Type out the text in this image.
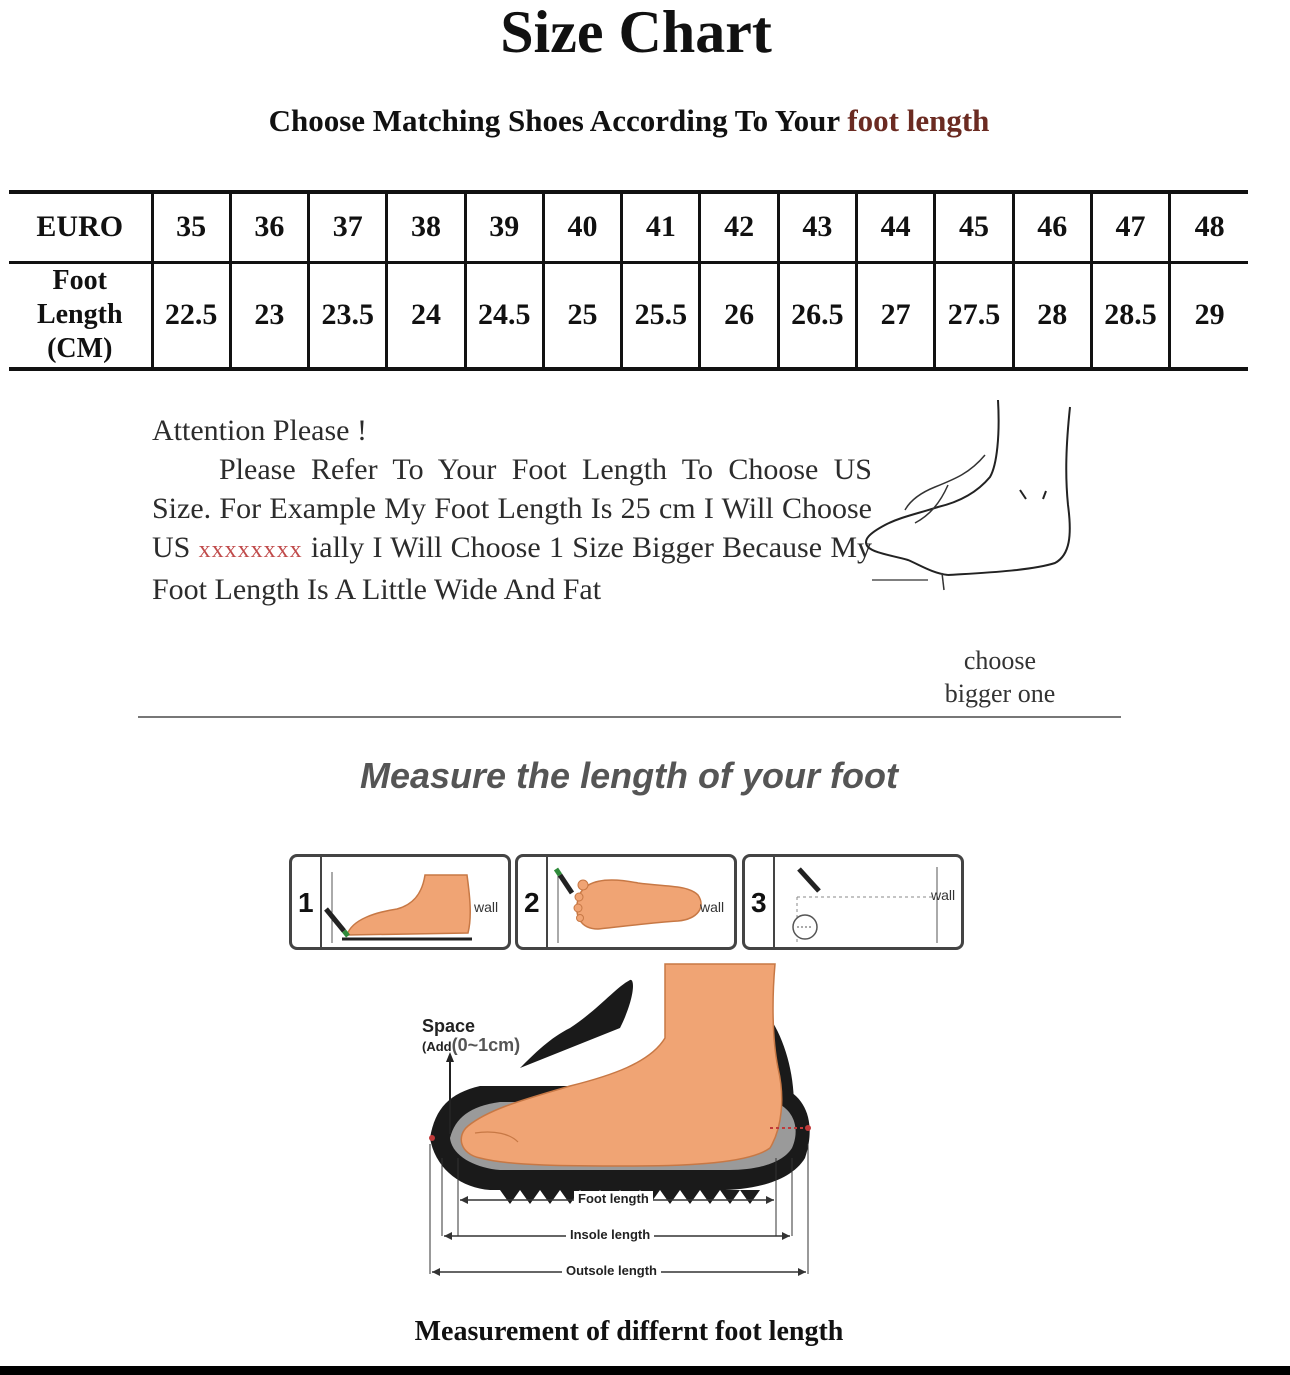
Size Chart
Choose Matching Shoes According To Your foot length
EURO	35	36	37	38	39	40	41	42	43	44	45	46	47	48

Foot
Length
(CM)	22.5	23	23.5	24	24.5	25	25.5	26	26.5	27	27.5	28	28.5	29
Attention Please !
Please Refer To Your Foot Length To Choose US Size. For Example My Foot Length Is 25 cm I Will Choose US xxxxxxxx ially I Will Choose 1 Size Bigger Because My Foot Length Is A Little Wide And Fat
choose
bigger one
Measure the length of your foot
1	wall 2	wall 3	wall
Space
(Add(0~1cm)
Foot length
Insole length
Outsole length
Measurement of differnt foot length
